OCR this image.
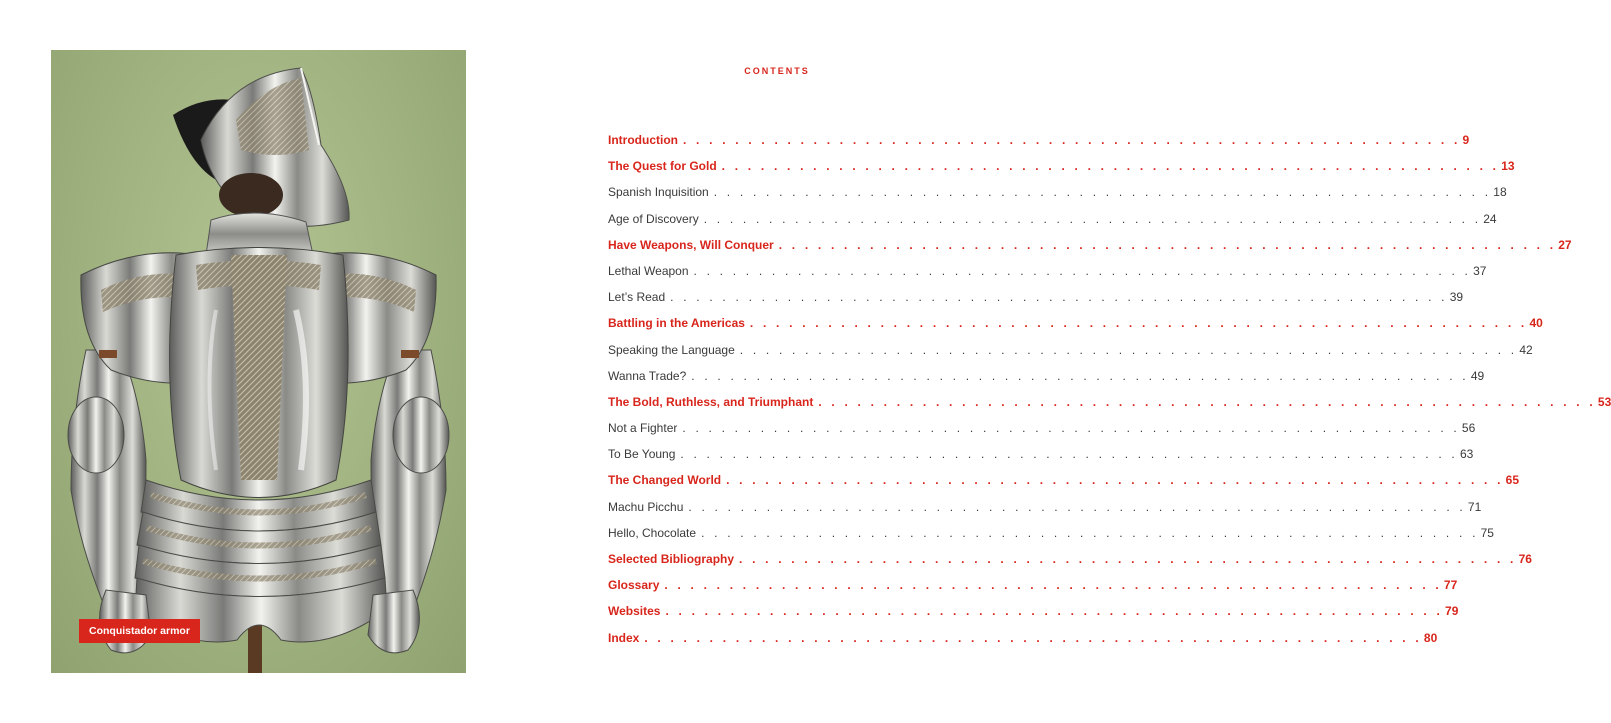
Conquistador armor
CONTENTS
Introduction . . . . . . . . . . . . . . . . . . . . . . . . . . . . . . . . . . . . . . . . . . . . . . . . . . . . . . . . . . . . 9
The Quest for Gold . . . . . . . . . . . . . . . . . . . . . . . . . . . . . . . . . . . . . . . . . . . . . . . . . . . . . . . . . . . . 13
Spanish Inquisition . . . . . . . . . . . . . . . . . . . . . . . . . . . . . . . . . . . . . . . . . . . . . . . . . . . . . . . . . . . . 18
Age of Discovery . . . . . . . . . . . . . . . . . . . . . . . . . . . . . . . . . . . . . . . . . . . . . . . . . . . . . . . . . . . . 24
Have Weapons, Will Conquer . . . . . . . . . . . . . . . . . . . . . . . . . . . . . . . . . . . . . . . . . . . . . . . . . . . . . . . . . . . . 27
Lethal Weapon . . . . . . . . . . . . . . . . . . . . . . . . . . . . . . . . . . . . . . . . . . . . . . . . . . . . . . . . . . . . 37
Let’s Read . . . . . . . . . . . . . . . . . . . . . . . . . . . . . . . . . . . . . . . . . . . . . . . . . . . . . . . . . . . . 39
Battling in the Americas . . . . . . . . . . . . . . . . . . . . . . . . . . . . . . . . . . . . . . . . . . . . . . . . . . . . . . . . . . . . 40
Speaking the Language . . . . . . . . . . . . . . . . . . . . . . . . . . . . . . . . . . . . . . . . . . . . . . . . . . . . . . . . . . . . 42
Wanna Trade? . . . . . . . . . . . . . . . . . . . . . . . . . . . . . . . . . . . . . . . . . . . . . . . . . . . . . . . . . . . . 49
The Bold, Ruthless, and Triumphant . . . . . . . . . . . . . . . . . . . . . . . . . . . . . . . . . . . . . . . . . . . . . . . . . . . . . . . . . . . . 53
Not a Fighter . . . . . . . . . . . . . . . . . . . . . . . . . . . . . . . . . . . . . . . . . . . . . . . . . . . . . . . . . . . . 56
To Be Young . . . . . . . . . . . . . . . . . . . . . . . . . . . . . . . . . . . . . . . . . . . . . . . . . . . . . . . . . . . . 63
The Changed World . . . . . . . . . . . . . . . . . . . . . . . . . . . . . . . . . . . . . . . . . . . . . . . . . . . . . . . . . . . . 65
Machu Picchu . . . . . . . . . . . . . . . . . . . . . . . . . . . . . . . . . . . . . . . . . . . . . . . . . . . . . . . . . . . . 71
Hello, Chocolate . . . . . . . . . . . . . . . . . . . . . . . . . . . . . . . . . . . . . . . . . . . . . . . . . . . . . . . . . . . . 75
Selected Bibliography . . . . . . . . . . . . . . . . . . . . . . . . . . . . . . . . . . . . . . . . . . . . . . . . . . . . . . . . . . . . 76
Glossary . . . . . . . . . . . . . . . . . . . . . . . . . . . . . . . . . . . . . . . . . . . . . . . . . . . . . . . . . . . . 77
Websites . . . . . . . . . . . . . . . . . . . . . . . . . . . . . . . . . . . . . . . . . . . . . . . . . . . . . . . . . . . . 79
Index . . . . . . . . . . . . . . . . . . . . . . . . . . . . . . . . . . . . . . . . . . . . . . . . . . . . . . . . . . . . 80
